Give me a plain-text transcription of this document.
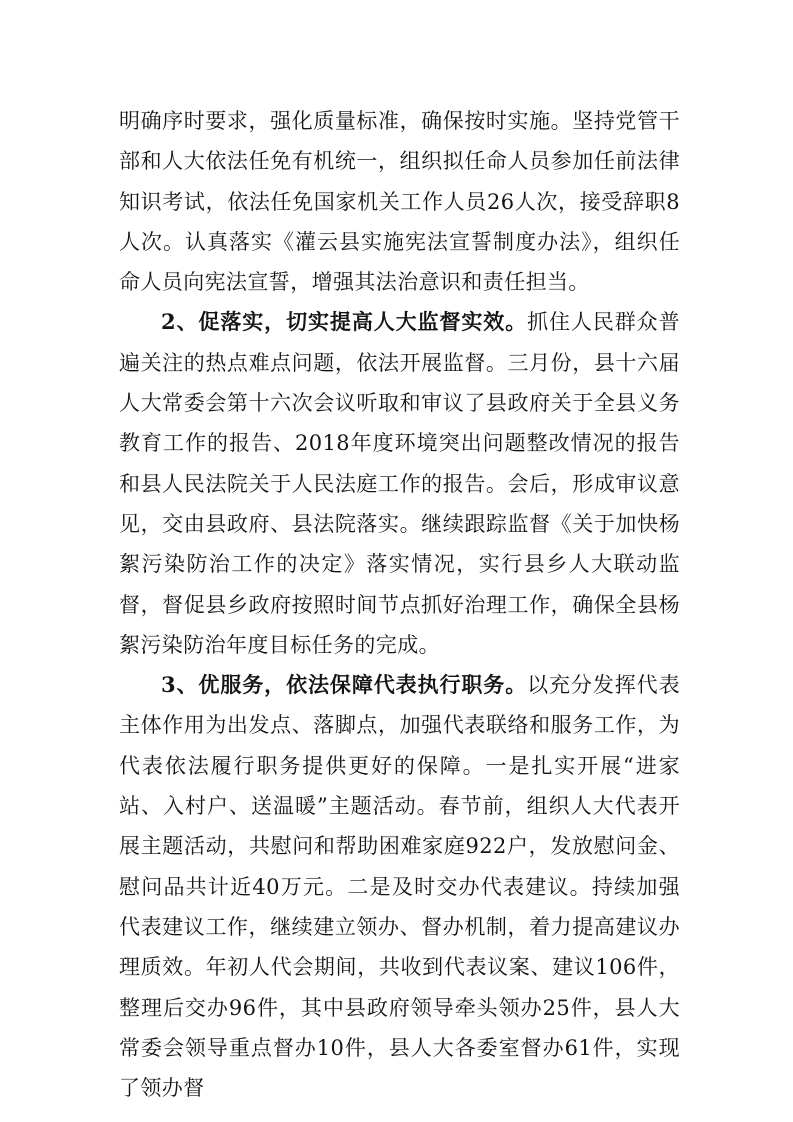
明确序时要求，强化质量标准，确保按时实施。坚持党管干部和人大依法任免有机统一，组织拟任命人员参加任前法律知识考试，依法任免国家机关工作人员26人次，接受辞职8人次。认真落实《灌云县实施宪法宣誓制度办法》，组织任命人员向宪法宣誓，增强其法治意识和责任担当。

2、促落实，切实提高人大监督实效。抓住人民群众普遍关注的热点难点问题，依法开展监督。三月份，县十六届人大常委会第十六次会议听取和审议了县政府关于全县义务教育工作的报告、2018年度环境突出问题整改情况的报告和县人民法院关于人民法庭工作的报告。会后，形成审议意见，交由县政府、县法院落实。继续跟踪监督《关于加快杨絮污染防治工作的决定》落实情况，实行县乡人大联动监督，督促县乡政府按照时间节点抓好治理工作，确保全县杨絮污染防治年度目标任务的完成。

3、优服务，依法保障代表执行职务。以充分发挥代表主体作用为出发点、落脚点，加强代表联络和服务工作，为代表依法履行职务提供更好的保障。一是扎实开展“进家站、入村户、送温暖”主题活动。春节前，组织人大代表开展主题活动，共慰问和帮助困难家庭922户，发放慰问金、慰问品共计近40万元。二是及时交办代表建议。持续加强代表建议工作，继续建立领办、督办机制，着力提高建议办理质效。年初人代会期间，共收到代表议案、建议106件，整理后交办96件，其中县政府领导牵头领办25件，县人大常委会领导重点督办10件，县人大各委室督办61件，实现了领办督
